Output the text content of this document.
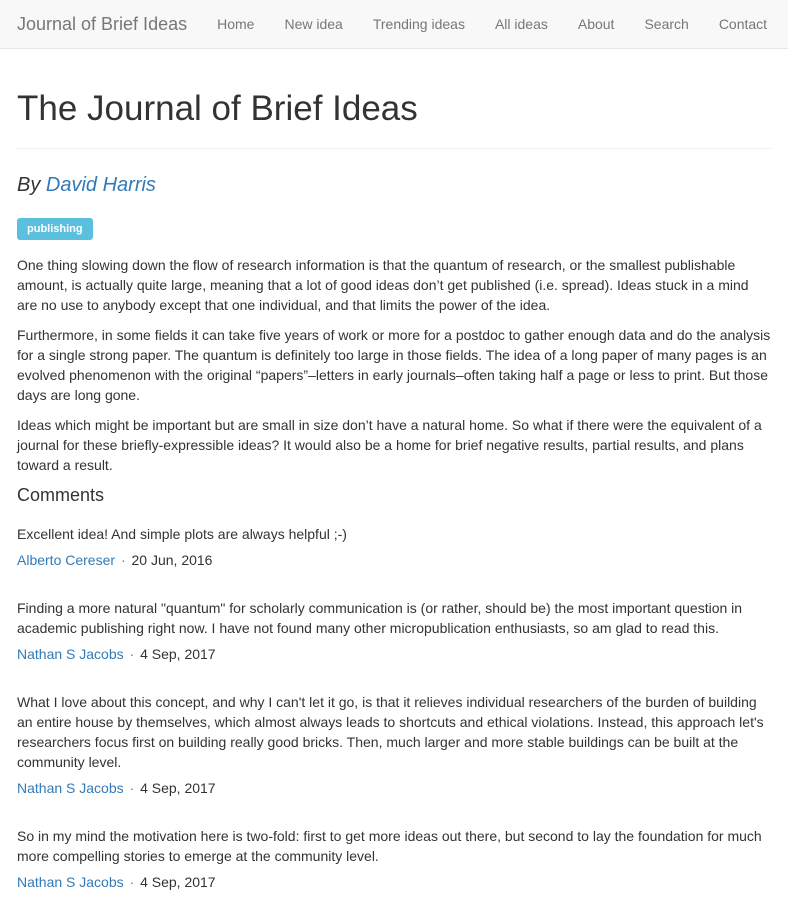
Journal of Brief Ideas	Home	New idea	Trending ideas	All ideas	About	Search	Contact
The Journal of Brief Ideas

By David Harris

publishing

One thing slowing down the flow of research information is that the quantum of research, or the smallest publishable amount, is actually quite large, meaning that a lot of good ideas don’t get published (i.e. spread). Ideas stuck in a mind are no use to anybody except that one individual, and that limits the power of the idea.

Furthermore, in some fields it can take five years of work or more for a postdoc to gather enough data and do the analysis for a single strong paper. The quantum is definitely too large in those fields. The idea of a long paper of many pages is an evolved phenomenon with the original “papers”–letters in early journals–often taking half a page or less to print. But those days are long gone.

Ideas which might be important but are small in size don’t have a natural home. So what if there were the equivalent of a journal for these briefly-expressible ideas? It would also be a home for brief negative results, partial results, and plans toward a result.

Comments

Excellent idea! And simple plots are always helpful ;-)

Alberto Cereser · 20 Jun, 2016

Finding a more natural "quantum" for scholarly communication is (or rather, should be) the most important question in academic publishing right now. I have not found many other micropublication enthusiasts, so am glad to read this.

Nathan S Jacobs · 4 Sep, 2017

What I love about this concept, and why I can't let it go, is that it relieves individual researchers of the burden of building an entire house by themselves, which almost always leads to shortcuts and ethical violations. Instead, this approach let's researchers focus first on building really good bricks. Then, much larger and more stable buildings can be built at the community level.

Nathan S Jacobs · 4 Sep, 2017

So in my mind the motivation here is two-fold: first to get more ideas out there, but second to lay the foundation for much more compelling stories to emerge at the community level.

Nathan S Jacobs · 4 Sep, 2017
